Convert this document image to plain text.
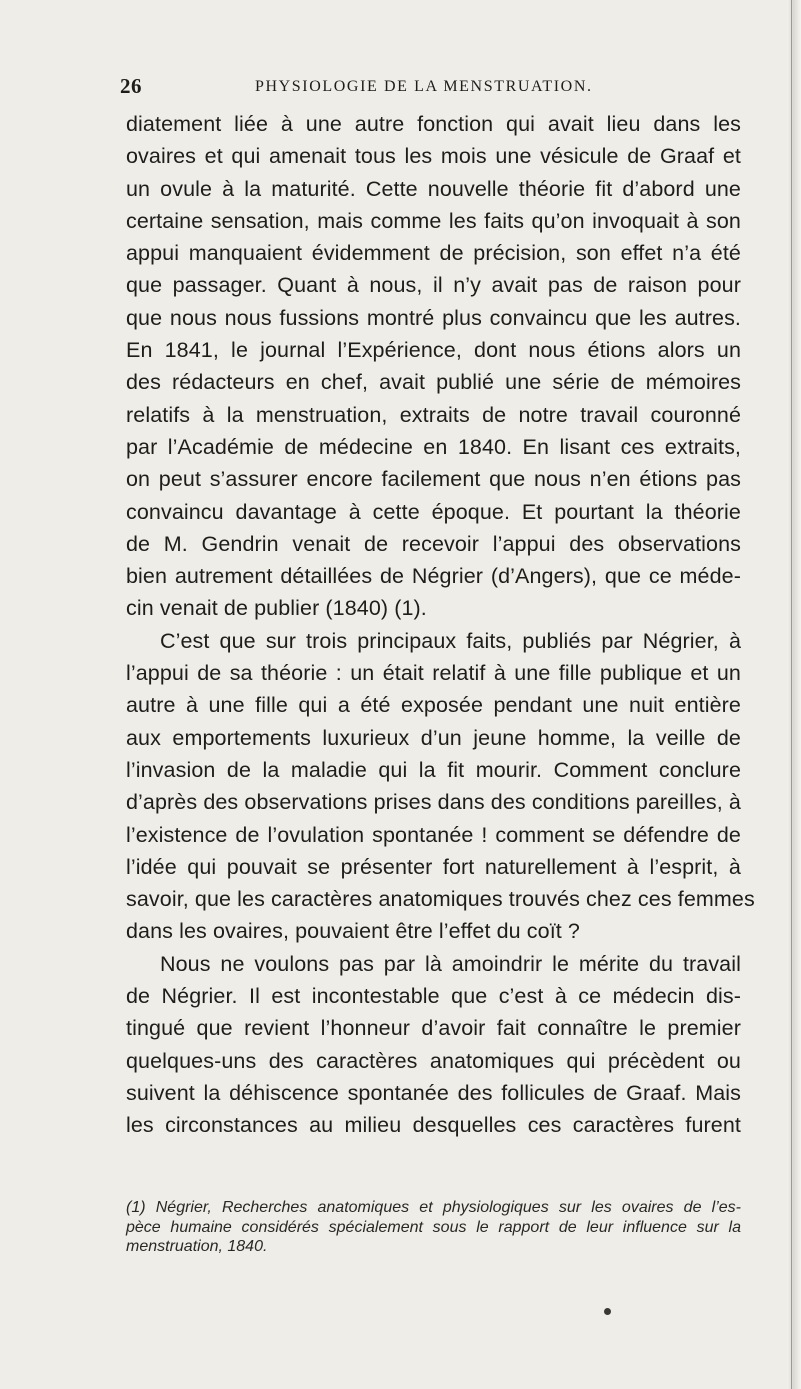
26	PHYSIOLOGIE DE LA MENSTRUATION.
diatement liée à une autre fonction qui avait lieu dans les
ovaires et qui amenait tous les mois une vésicule de Graaf et
un ovule à la maturité. Cette nouvelle théorie fit d’abord une
certaine sensation, mais comme les faits qu’on invoquait à son
appui manquaient évidemment de précision, son effet n’a été
que passager. Quant à nous, il n’y avait pas de raison pour
que nous nous fussions montré plus convaincu que les autres.
En 1841, le journal l’Expérience, dont nous étions alors un
des rédacteurs en chef, avait publié une série de mémoires
relatifs à la menstruation, extraits de notre travail couronné
par l’Académie de médecine en 1840. En lisant ces extraits,
on peut s’assurer encore facilement que nous n’en étions pas
convaincu davantage à cette époque. Et pourtant la théorie
de M. Gendrin venait de recevoir l’appui des observations
bien autrement détaillées de Négrier (d’Angers), que ce méde-
cin venait de publier (1840) (1).
C’est que sur trois principaux faits, publiés par Négrier, à
l’appui de sa théorie : un était relatif à une fille publique et un
autre à une fille qui a été exposée pendant une nuit entière
aux emportements luxurieux d’un jeune homme, la veille de
l’invasion de la maladie qui la fit mourir. Comment conclure
d’après des observations prises dans des conditions pareilles, à
l’existence de l’ovulation spontanée ! comment se défendre de
l’idée qui pouvait se présenter fort naturellement à l’esprit, à
savoir, que les caractères anatomiques trouvés chez ces femmes
dans les ovaires, pouvaient être l’effet du coït ?
Nous ne voulons pas par là amoindrir le mérite du travail
de Négrier. Il est incontestable que c’est à ce médecin dis-
tingué que revient l’honneur d’avoir fait connaître le premier
quelques-uns des caractères anatomiques qui précèdent ou
suivent la déhiscence spontanée des follicules de Graaf. Mais
les circonstances au milieu desquelles ces caractères furent
(1) Négrier, Recherches anatomiques et physiologiques sur les ovaires de l’es-
pèce humaine considérés spécialement sous le rapport de leur influence sur la
menstruation, 1840.
